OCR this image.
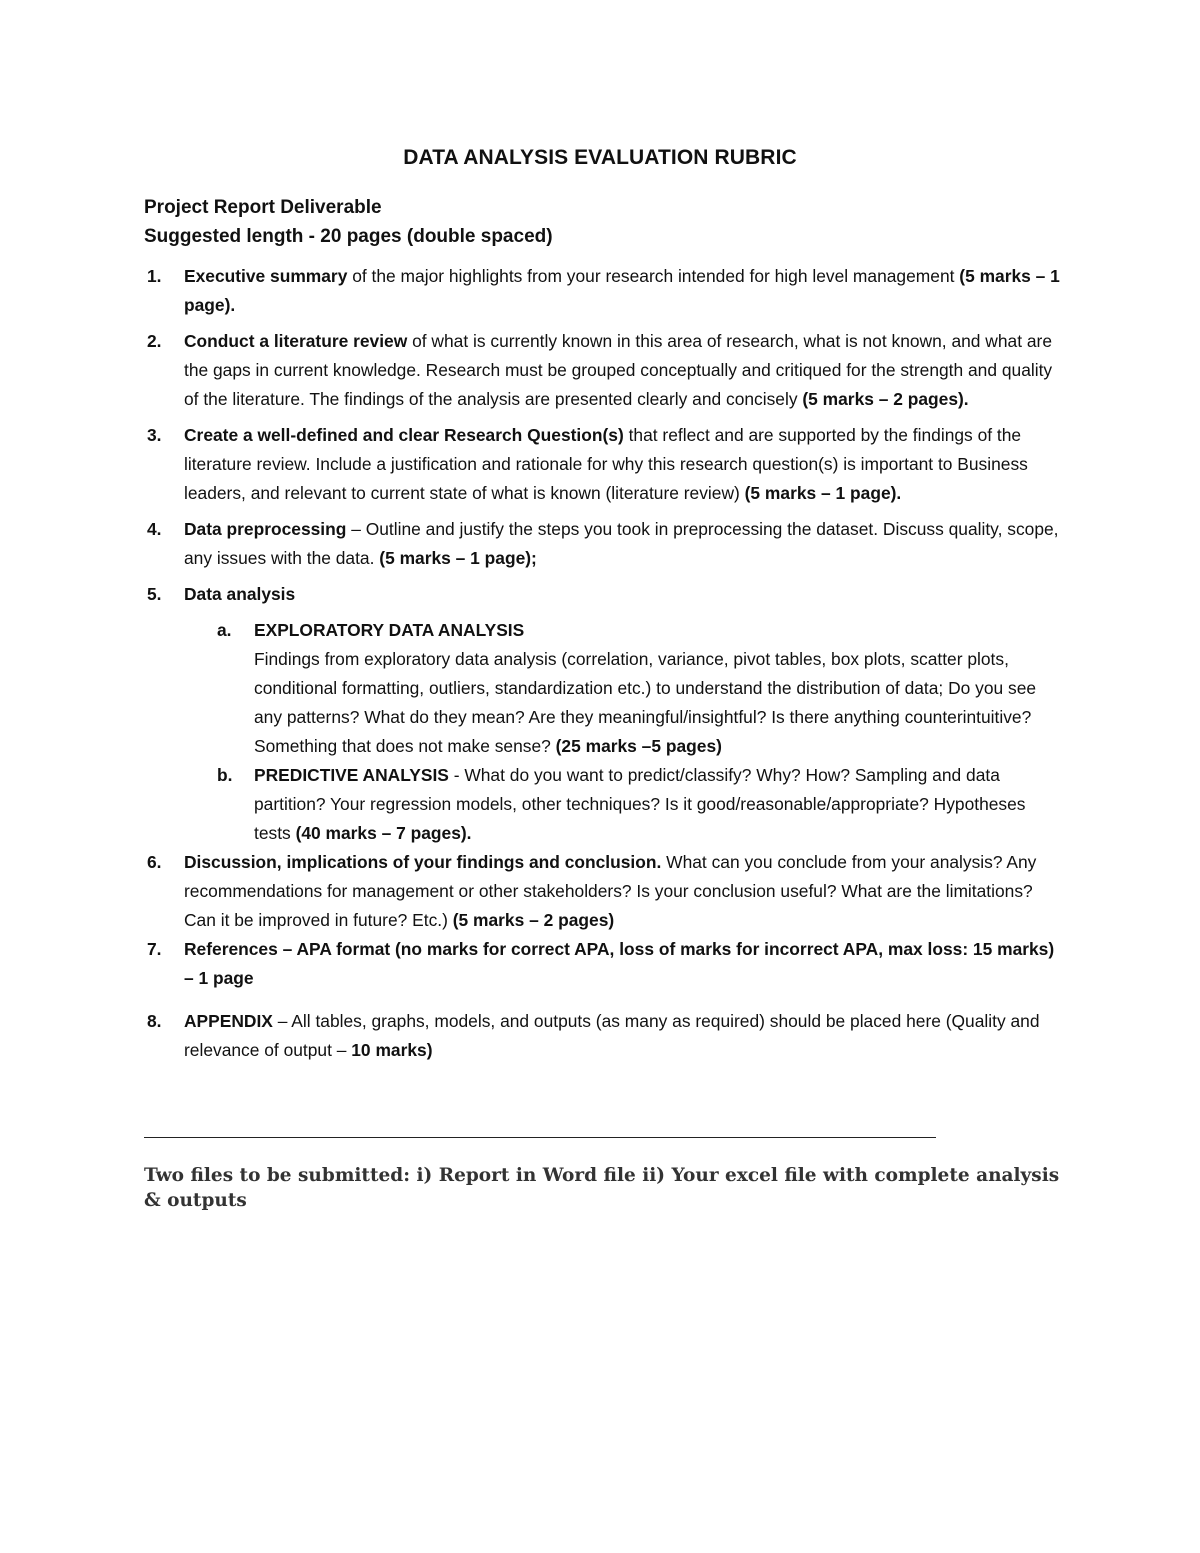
DATA ANALYSIS EVALUATION RUBRIC
Project Report Deliverable
Suggested length - 20 pages (double spaced)
1. Executive summary of the major highlights from your research intended for high level management (5 marks – 1 page).
2. Conduct a literature review of what is currently known in this area of research, what is not known, and what are the gaps in current knowledge. Research must be grouped conceptually and critiqued for the strength and quality of the literature. The findings of the analysis are presented clearly and concisely (5 marks – 2 pages).
3. Create a well-defined and clear Research Question(s) that reflect and are supported by the findings of the literature review. Include a justification and rationale for why this research question(s) is important to Business leaders, and relevant to current state of what is known (literature review) (5 marks – 1 page).
4. Data preprocessing – Outline and justify the steps you took in preprocessing the dataset. Discuss quality, scope, any issues with the data. (5 marks – 1 page);
5. Data analysis
a. EXPLORATORY DATA ANALYSIS
Findings from exploratory data analysis (correlation, variance, pivot tables, box plots, scatter plots, conditional formatting, outliers, standardization etc.) to understand the distribution of data; Do you see any patterns? What do they mean? Are they meaningful/insightful? Is there anything counterintuitive? Something that does not make sense? (25 marks –5 pages)
b. PREDICTIVE ANALYSIS - What do you want to predict/classify? Why? How? Sampling and data partition? Your regression models, other techniques? Is it good/reasonable/appropriate? Hypotheses tests (40 marks – 7 pages).
6. Discussion, implications of your findings and conclusion. What can you conclude from your analysis? Any recommendations for management or other stakeholders? Is your conclusion useful? What are the limitations? Can it be improved in future? Etc.) (5 marks – 2 pages)
7. References – APA format (no marks for correct APA, loss of marks for incorrect APA, max loss: 15 marks) – 1 page
8. APPENDIX – All tables, graphs, models, and outputs (as many as required) should be placed here (Quality and relevance of output – 10 marks)
Two files to be submitted: i) Report in Word file ii) Your excel file with complete analysis & outputs
